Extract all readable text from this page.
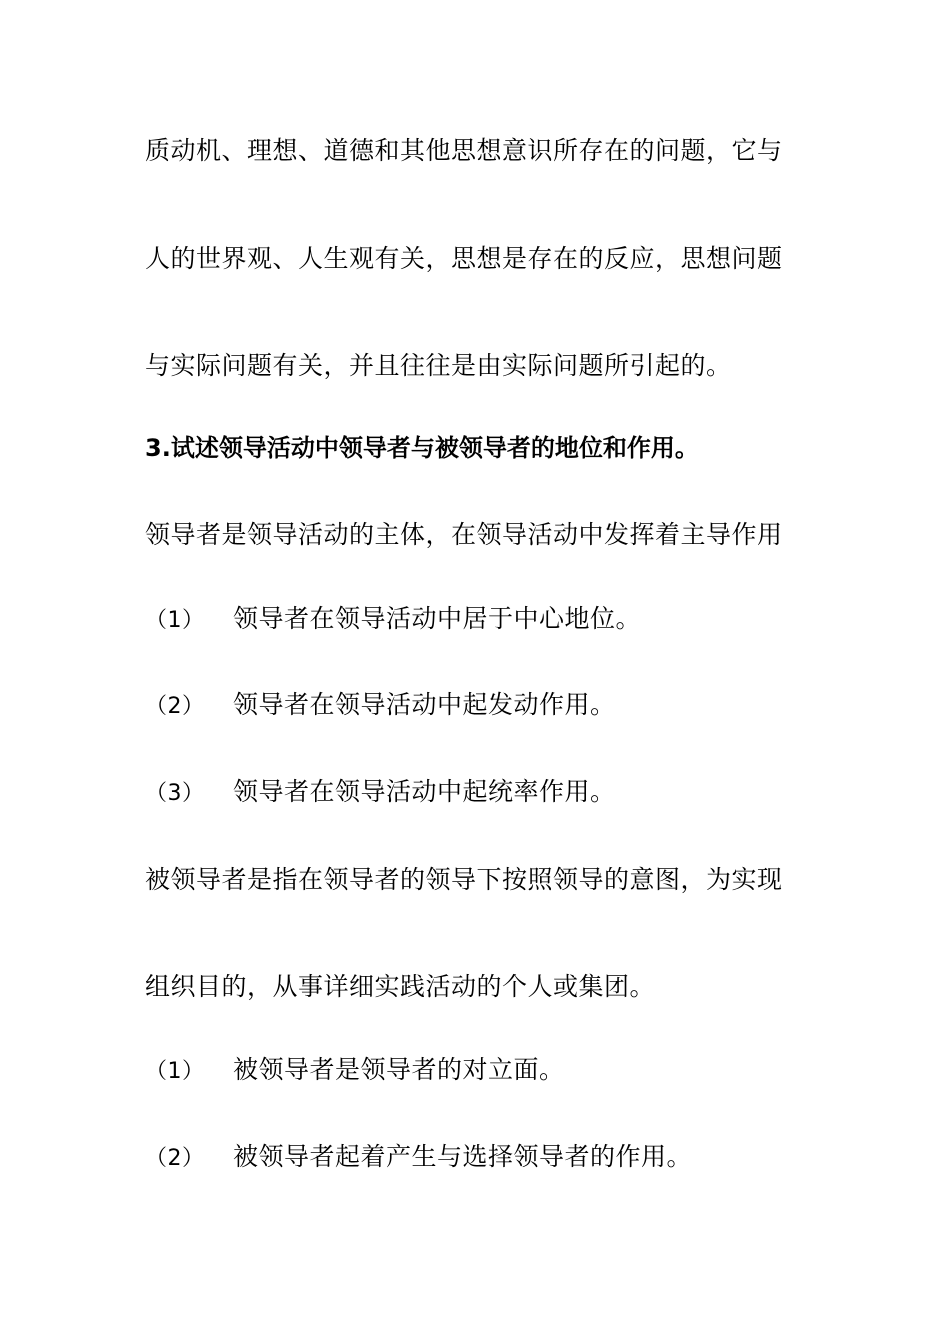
质动机、理想、道德和其他思想意识所存在的问题，它与
人的世界观、人生观有关，思想是存在的反应，思想问题
与实际问题有关，并且往往是由实际问题所引起的。
3.试述领导活动中领导者与被领导者的地位和作用。
领导者是领导活动的主体，在领导活动中发挥着主导作用
（1） 领导者在领导活动中居于中心地位。
（2） 领导者在领导活动中起发动作用。
（3） 领导者在领导活动中起统率作用。
被领导者是指在领导者的领导下按照领导的意图，为实现
组织目的，从事详细实践活动的个人或集团。
（1） 被领导者是领导者的对立面。
（2） 被领导者起着产生与选择领导者的作用。
